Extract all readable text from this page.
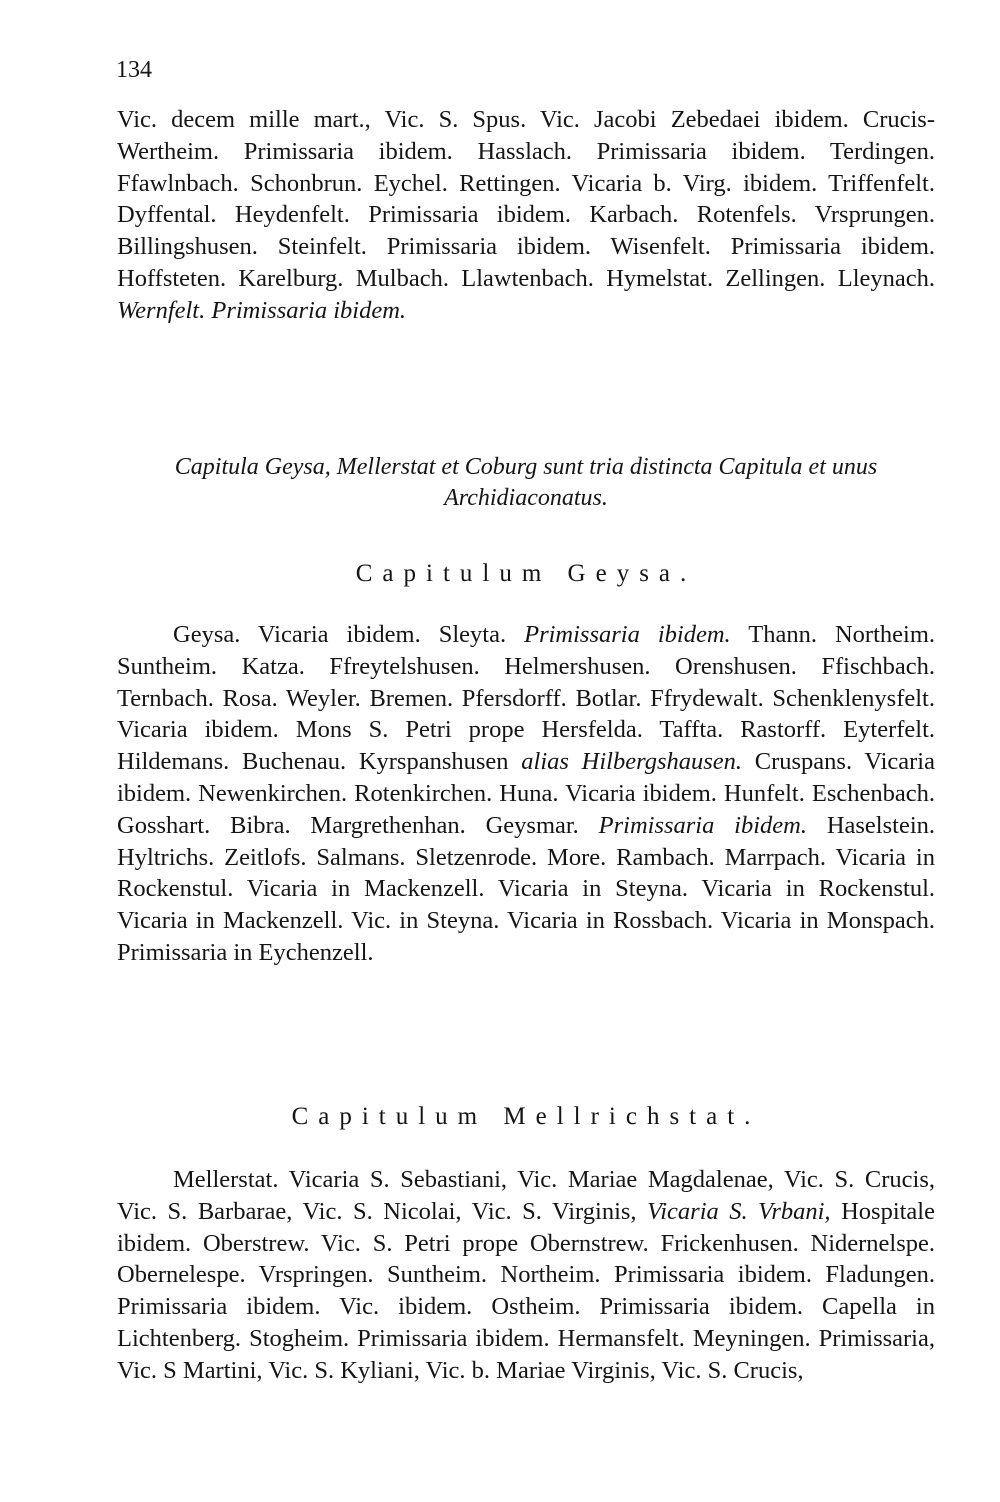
134

Vic. decem mille mart., Vic. S. Spus. Vic. Jacobi Zebedaei ibidem. Crucis-Wertheim. Primissaria ibidem. Hasslach. Primissaria ibidem. Terdingen. Ffawlnbach. Schonbrun. Eychel. Rettingen. Vicaria b. Virg. ibidem. Triffenfelt. Dyffental. Heydenfelt. Primissaria ibidem. Karbach. Rotenfels. Vrsprungen. Billingshusen. Steinfelt. Primissaria ibidem. Wisenfelt. Primissaria ibidem. Hoffsteten. Karelburg. Mulbach. Llawtenbach. Hymelstat. Zellingen. Lleynach. Wernfelt. Primissaria ibidem.

Capitula Geysa, Mellerstat et Coburg sunt tria distincta Capitula et unus Archidiaconatus.

Capitulum Geysa.

Geysa. Vicaria ibidem. Sleyta. Primissaria ibidem. Thann. Northeim. Suntheim. Katza. Ffreytelshusen. Helmershusen. Orenshusen. Ffischbach. Ternbach. Rosa. Weyler. Bremen. Pfersdorff. Botlar. Ffrydewalt. Schenklenysfelt. Vicaria ibidem. Mons S. Petri prope Hersfelda. Taffta. Rastorff. Eyterfelt. Hildemans. Buchenau. Kyrspanshusen alias Hilbergshausen. Cruspans. Vicaria ibidem. Newenkirchen. Rotenkirchen. Huna. Vicaria ibidem. Hunfelt. Eschenbach. Gosshart. Bibra. Margrethenhan. Geysmar. Primissaria ibidem. Haselstein. Hyltrichs. Zeitlofs. Salmans. Sletzenrode. More. Rambach. Marrpach. Vicaria in Rockenstul. Vicaria in Mackenzell. Vicaria in Steyna. Vicaria in Rockenstul. Vicaria in Mackenzell. Vic. in Steyna. Vicaria in Rossbach. Vicaria in Monspach. Primissaria in Eychenzell.

Capitulum Mellrichstat.

Mellerstat. Vicaria S. Sebastiani, Vic. Mariae Magdalenae, Vic. S. Crucis, Vic. S. Barbarae, Vic. S. Nicolai, Vic. S. Virginis, Vicaria S. Vrbani, Hospitale ibidem. Oberstrew. Vic. S. Petri prope Obernstrew. Frickenhusen. Nidernelspe. Obernelespe. Vrspringen. Suntheim. Northeim. Primissaria ibidem. Fladungen. Primissaria ibidem. Vic. ibidem. Ostheim. Primissaria ibidem. Capella in Lichtenberg. Stogheim. Primissaria ibidem. Hermansfelt. Meyningen. Primissaria, Vic. S Martini, Vic. S. Kyliani, Vic. b. Mariae Virginis, Vic. S. Crucis,
